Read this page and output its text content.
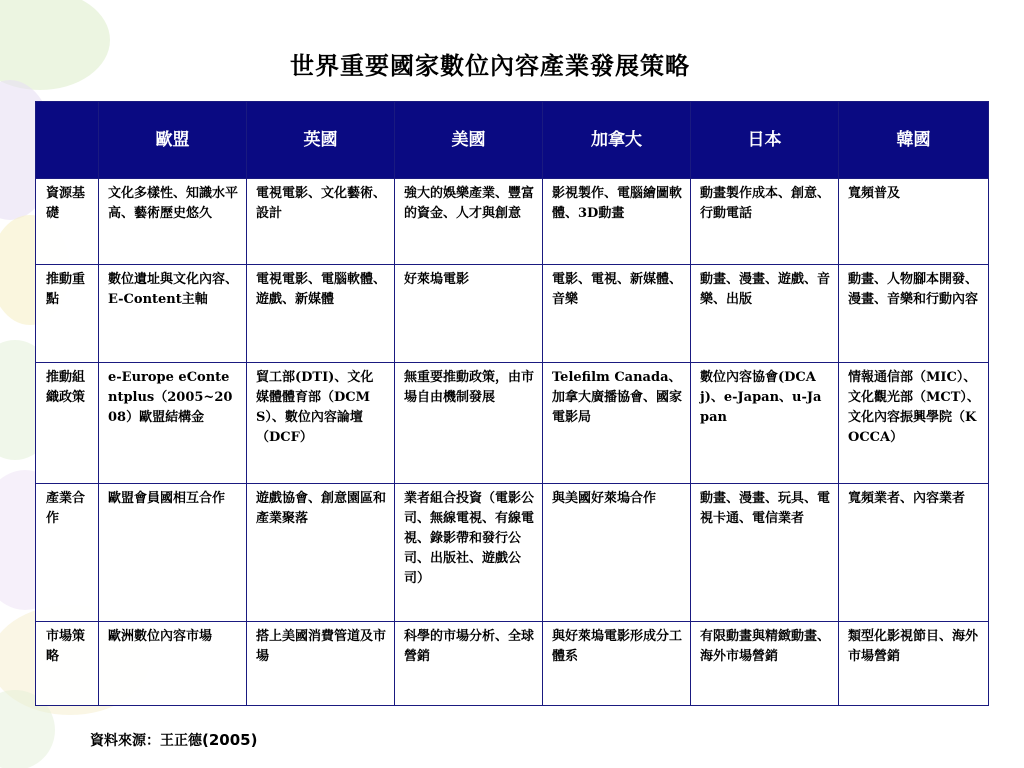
世界重要國家數位內容產業發展策略
	歐盟	英國	美國	加拿大	日本	韓國
資源基礎	文化多樣性、知識水平高、藝術歷史悠久	電視電影、文化藝術、設計	強大的娛樂產業、豐富的資金、人才與創意	影視製作、電腦繪圖軟體、3D動畫	動畫製作成本、創意、行動電話	寬頻普及
推動重點	數位遺址與文化內容、E-Content主軸	電視電影、電腦軟體、遊戲、新媒體	好萊塢電影	電影、電視、新媒體、音樂	動畫、漫畫、遊戲、音樂、出版	動畫、人物腳本開發、漫畫、音樂和行動內容
推動組織政策	e-Europe eContentplus（2005~2008）歐盟結構金	貿工部(DTI)、文化媒體體育部（DCMS）、數位內容論壇（DCF）	無重要推動政策，由市場自由機制發展	Telefilm Canada、加拿大廣播協會、國家電影局	數位內容協會(DCAj)、e-Japan、u-Japan	情報通信部（MIC）、文化觀光部（MCT）、文化內容振興學院（KOCCA）
產業合作	歐盟會員國相互合作	遊戲協會、創意園區和產業聚落	業者組合投資（電影公司、無線電視、有線電視、錄影帶和發行公司、出版社、遊戲公司）	與美國好萊塢合作	動畫、漫畫、玩具、電視卡通、電信業者	寬頻業者、內容業者
市場策略	歐洲數位內容市場	搭上美國消費管道及市場	科學的市場分析、全球營銷	與好萊塢電影形成分工體系	有限動畫與精緻動畫、海外市場營銷	類型化影視節目、海外市場營銷
資料來源：王正德(2005)
